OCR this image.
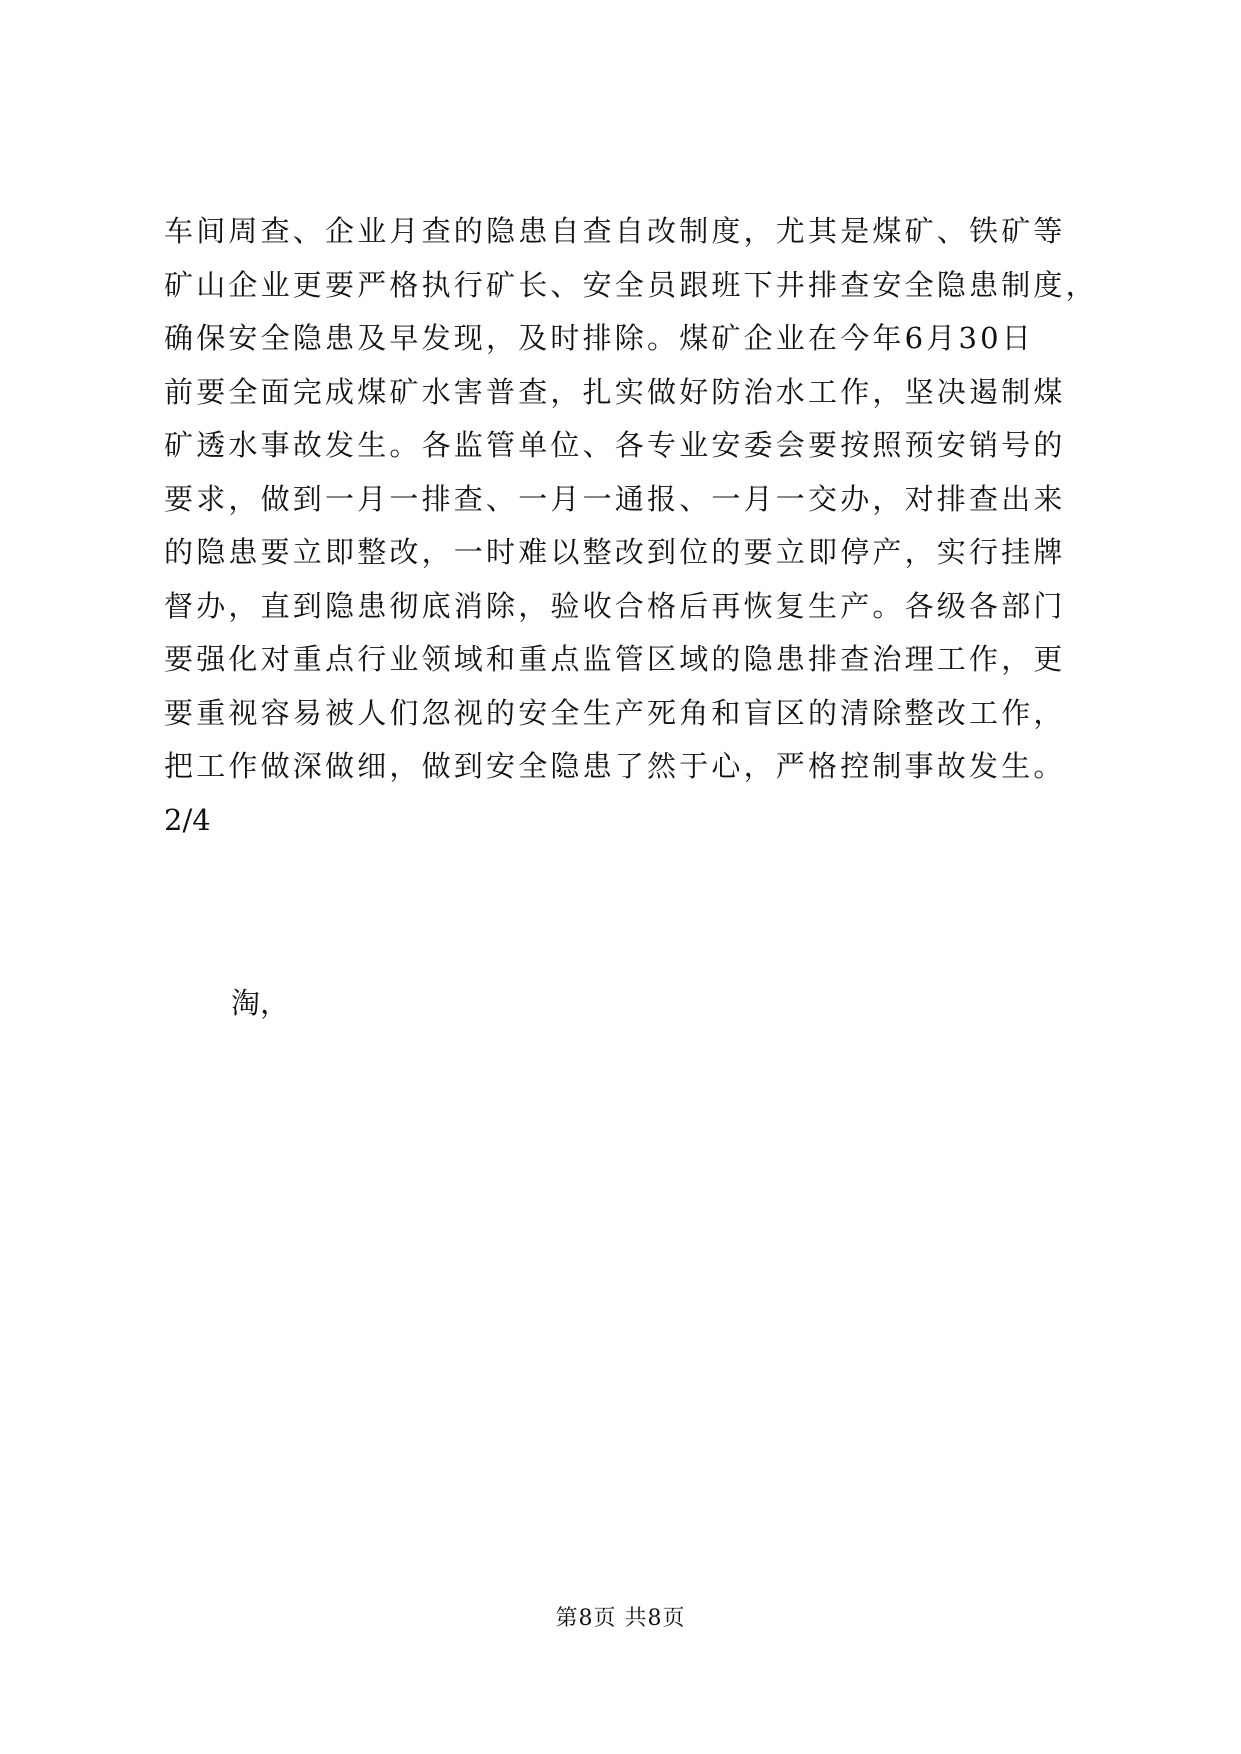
车间周查、企业月查的隐患自查自改制度，尤其是煤矿、铁矿等
矿山企业更要严格执行矿长、安全员跟班下井排查安全隐患制度，
确保安全隐患及早发现，及时排除。煤矿企业在今年6月30日
前要全面完成煤矿水害普查，扎实做好防治水工作，坚决遏制煤
矿透水事故发生。各监管单位、各专业安委会要按照预安销号的
要求，做到一月一排查、一月一通报、一月一交办，对排查出来
的隐患要立即整改，一时难以整改到位的要立即停产，实行挂牌
督办，直到隐患彻底消除，验收合格后再恢复生产。各级各部门
要强化对重点行业领域和重点监管区域的隐患排查治理工作，更
要重视容易被人们忽视的安全生产死角和盲区的清除整改工作，
把工作做深做细，做到安全隐患了然于心，严格控制事故发生。
2/4
淘，
第8页 共8页
